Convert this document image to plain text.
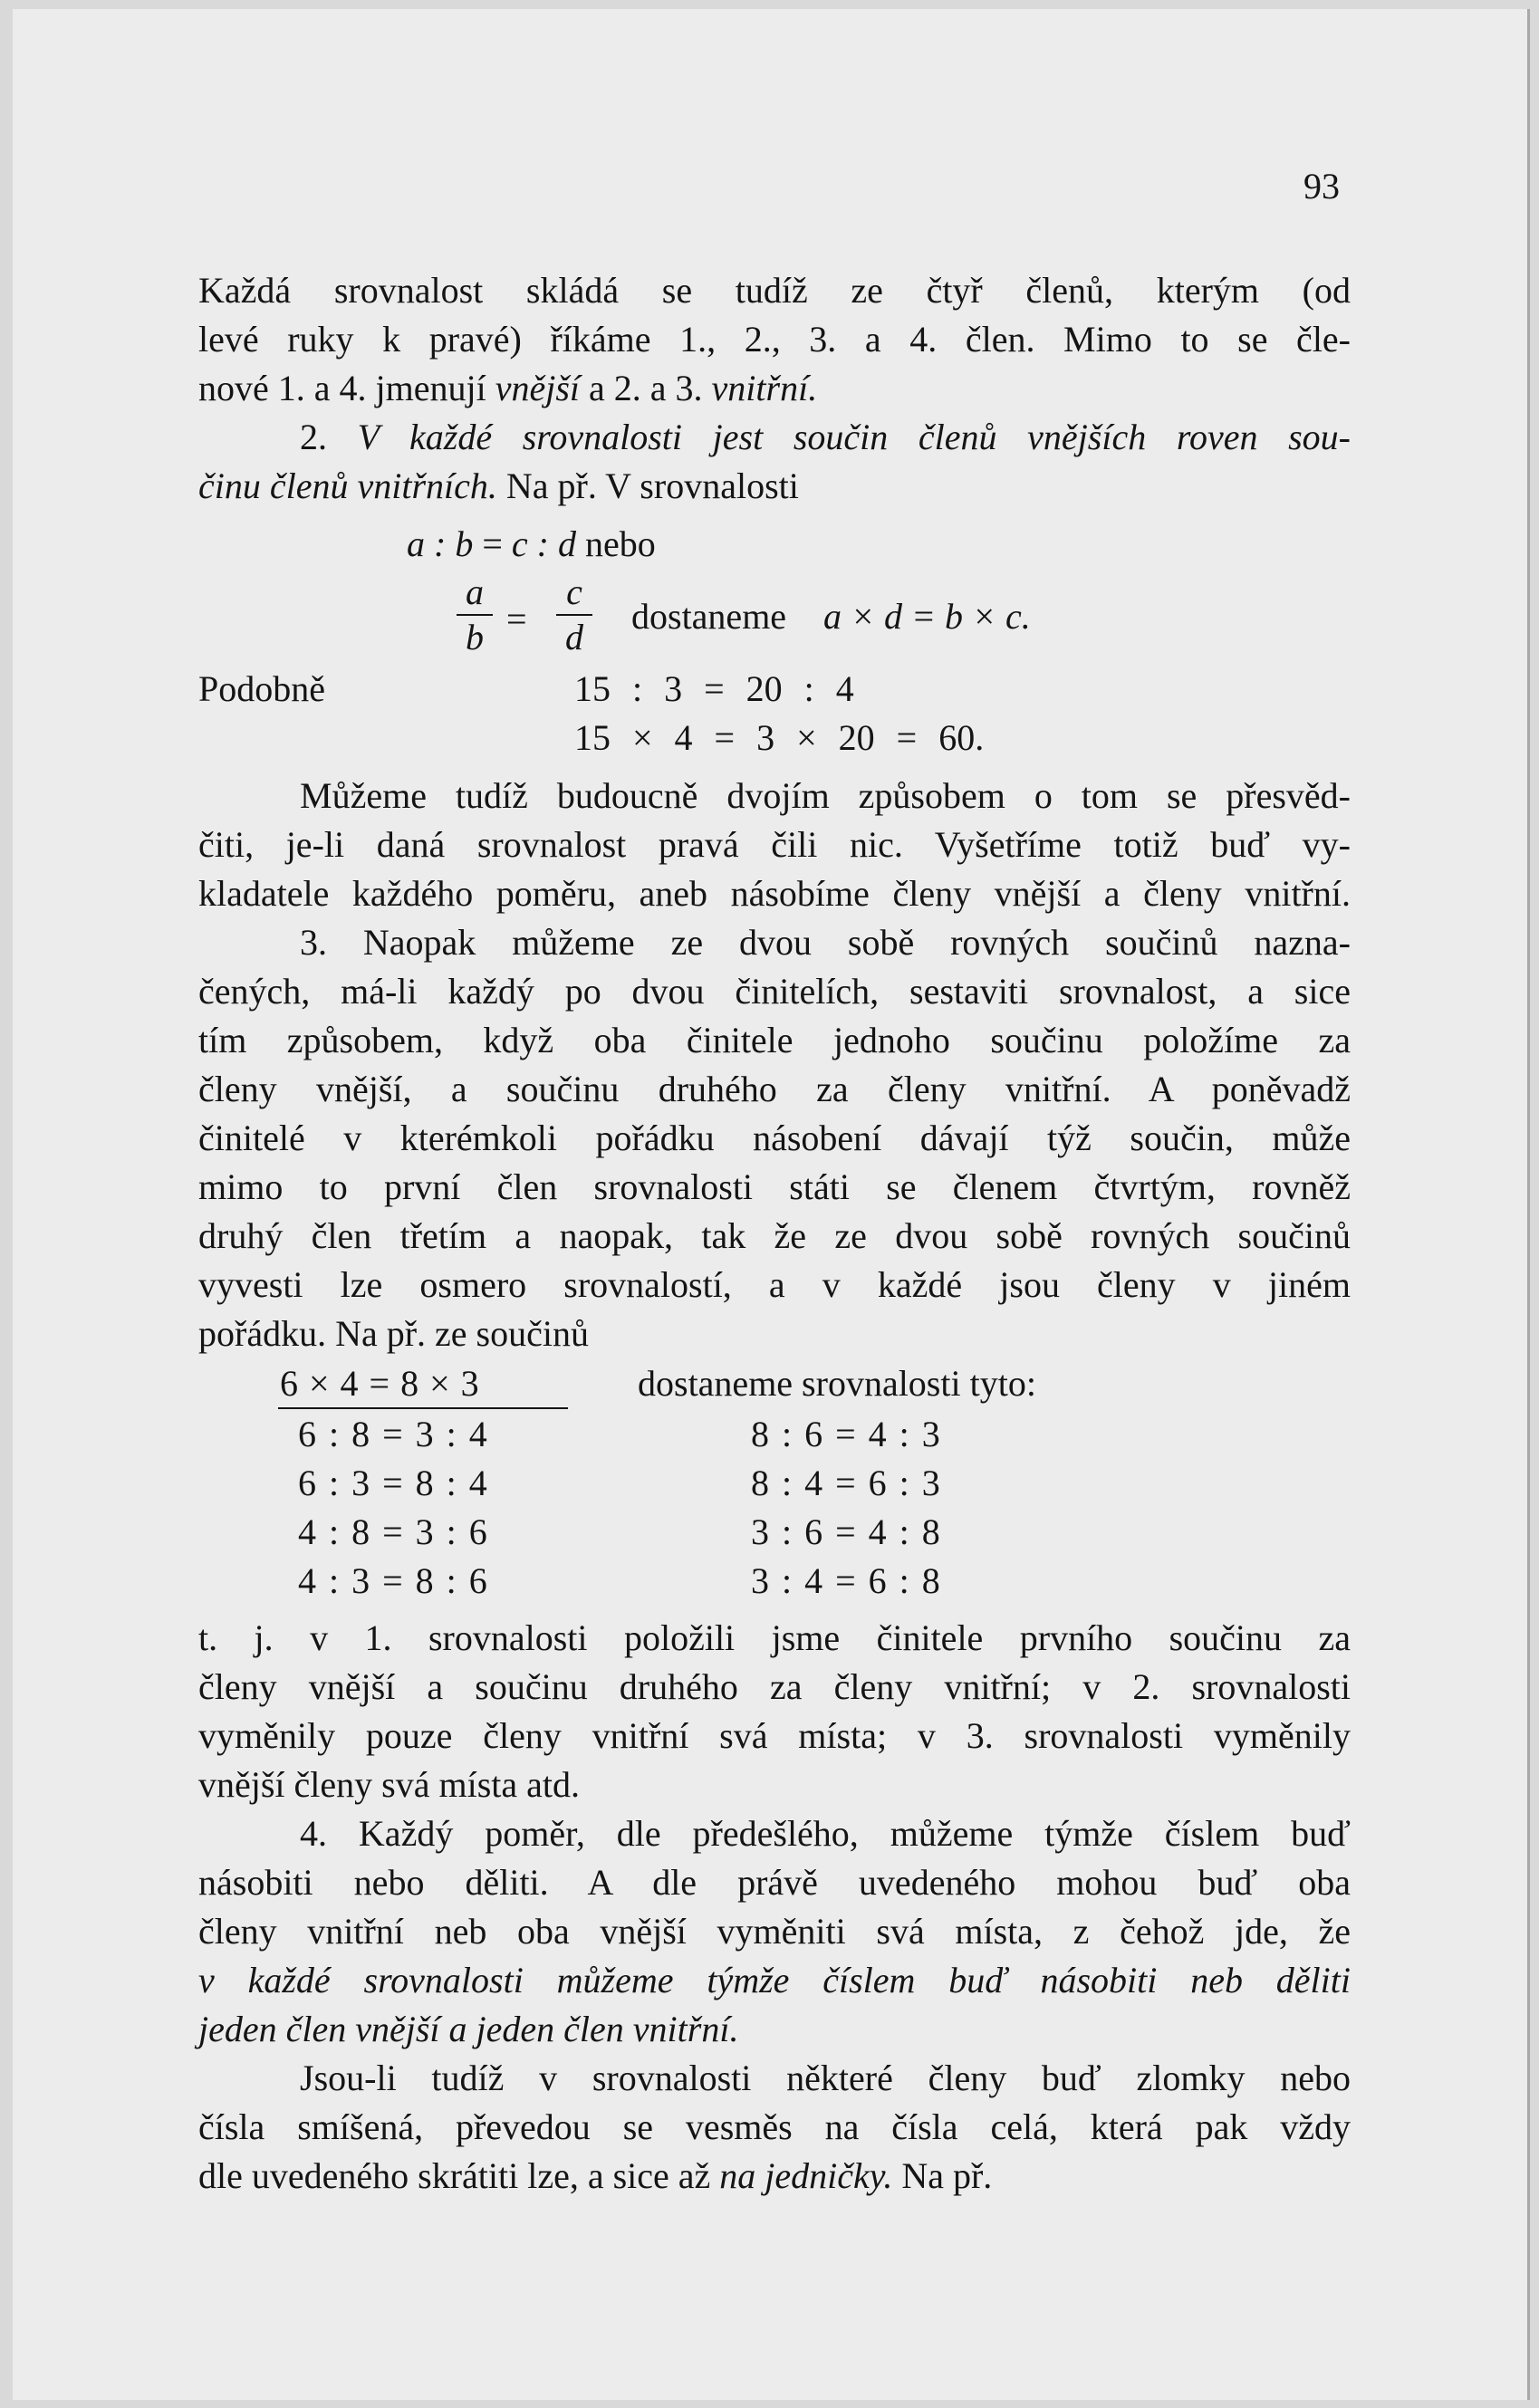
93
Každá srovnalost skládá se tudíž ze čtyř členů, kterým (od
levé ruky k pravé) říkáme 1., 2., 3. a 4. člen. Mimo to se čle-
nové 1. a 4. jmenují vnější a 2. a 3. vnitřní.
2. V každé srovnalosti jest součin členů vnějších roven sou-
činu členů vnitřních. Na př. V srovnalosti
a : b = c : d nebo
a
b =
c
d
dostaneme a × d = b × c.
Podobně	15 : 3 = 20 : 4
15 × 4 = 3 × 20 = 60.
Můžeme tudíž budoucně dvojím způsobem o tom se přesvěd-
čiti, je-li daná srovnalost pravá čili nic. Vyšetříme totiž buď vy-
kladatele každého poměru, aneb násobíme členy vnější a členy vnitřní.
3. Naopak můžeme ze dvou sobě rovných součinů nazna-
čených, má-li každý po dvou činitelích, sestaviti srovnalost, a sice
tím způsobem, když oba činitele jednoho součinu položíme za
členy vnější, a součinu druhého za členy vnitřní. A poněvadž
činitelé v kterémkoli pořádku násobení dávají týž součin, může
mimo to první člen srovnalosti státi se členem čtvrtým, rovněž
druhý člen třetím a naopak, tak že ze dvou sobě rovných součinů
vyvesti lze osmero srovnalostí, a v každé jsou členy v jiném
pořádku. Na př. ze součinů
6 × 4 = 8 × 3	dostaneme srovnalosti tyto:
6 : 8 = 3 : 4
6 : 3 = 8 : 4
4 : 8 = 3 : 6
4 : 3 = 8 : 6
8 : 6 = 4 : 3
8 : 4 = 6 : 3
3 : 6 = 4 : 8
3 : 4 = 6 : 8
t. j. v 1. srovnalosti položili jsme činitele prvního součinu za
členy vnější a součinu druhého za členy vnitřní; v 2. srovnalosti
vyměnily pouze členy vnitřní svá místa; v 3. srovnalosti vyměnily
vnější členy svá místa atd.
4. Každý poměr, dle předešlého, můžeme týmže číslem buď
násobiti nebo děliti. A dle právě uvedeného mohou buď oba
členy vnitřní neb oba vnější vyměniti svá místa, z čehož jde, že
v každé srovnalosti můžeme týmže číslem buď násobiti neb děliti
jeden člen vnější a jeden člen vnitřní.
Jsou-li tudíž v srovnalosti některé členy buď zlomky nebo
čísla smíšená, převedou se vesměs na čísla celá, která pak vždy
dle uvedeného skrátiti lze, a sice až na jedničky. Na př.
